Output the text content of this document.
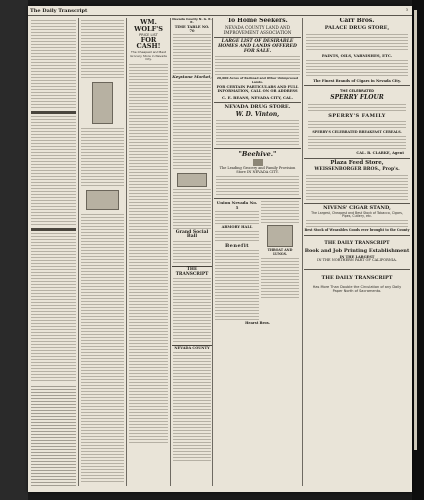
The Daily Transcript	3
WM. WOLF'S
PRICE LIST
FOR CASH!
The Cheapest and Best Grocery Store in Nevada City.
Nevada County N. G. R. R.
TIME TABLE NO. 70
Keystone Market,
Grand Social Ball
THE TRANSCRIPT
NEVADA COUNTY
To Home Seekers.
NEVADA COUNTY LAND AND IMPROVEMENT ASSOCIATION
LARGE LIST OF DESIRABLE HOMES AND LANDS OFFERED FOR SALE.
20,000 Acres of Railroad and Other Unimproved Lands.
FOR CERTAIN PARTICULARS AND FULL INFORMATION, CALL ON OR ADDRESS
C. E. BEANS, NEVADA CITY, CAL.
NEVADA DRUG STORE.
W. D. Vinton,
"Beehive."
The Leading Grocery and Family Provision Store IN NEVADA CITY.
Union Nevada No. 5
ARMORY HALL
Benefit
THROAT AND LUNGS.
Hearst Bros.
Carr Bros.
PALACE DRUG STORE,
PAINTS, OILS, VARNISHES, ETC.
The Finest Brands of Cigars in Nevada City.
THE CELEBRATED
SPERRY FLOUR
SPERRY'S FAMILY
SPERRY'S CELEBRATED BREAKFAST CEREALS.
CAL. B. CLARKE, Agent
Plaza Feed Store,
WEISSENBORGER BROS., Prop's.
NIVENS' CIGAR STAND,
The Largest, Cheapest and Best Stock of Tobacco, Cigars, Pipes, Cutlery, etc.
Best Stock of Wearables Goods ever brought to the County
THE DAILY TRANSCRIPT
Book and Job Printing Establishment
IN THE LARGEST
IN THE NORTHERN PART OF CALIFORNIA.
THE DAILY TRANSCRIPT
Has More Than Double the Circulation of any Daily Paper North of Sacramento.
